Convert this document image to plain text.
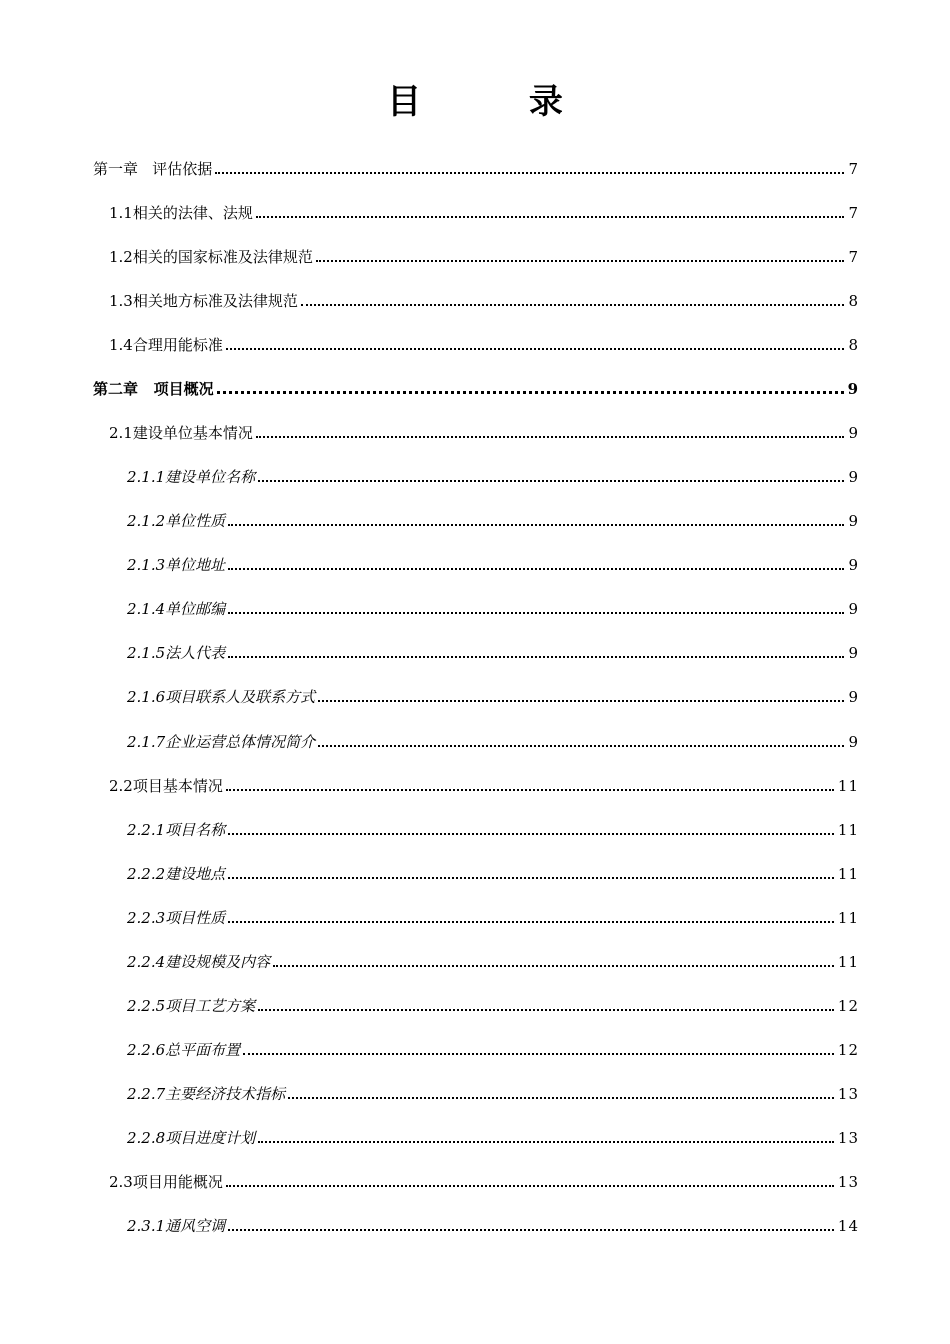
目 录
第一章   评估依据	7
1.1相关的法律、法规	7
1.2相关的国家标准及法律规范	7
1.3相关地方标准及法律规范	8
1.4合理用能标准	8
第二章   项目概况	9
2.1建设单位基本情况	9
2.1.1建设单位名称	9
2.1.2单位性质	9
2.1.3单位地址	9
2.1.4单位邮编	9
2.1.5法人代表	9
2.1.6项目联系人及联系方式	9
2.1.7企业运营总体情况简介	9
2.2项目基本情况	11
2.2.1项目名称	11
2.2.2建设地点	11
2.2.3项目性质	11
2.2.4建设规模及内容	11
2.2.5项目工艺方案	12
2.2.6总平面布置	12
2.2.7主要经济技术指标	13
2.2.8项目进度计划	13
2.3项目用能概况	13
2.3.1通风空调	14
